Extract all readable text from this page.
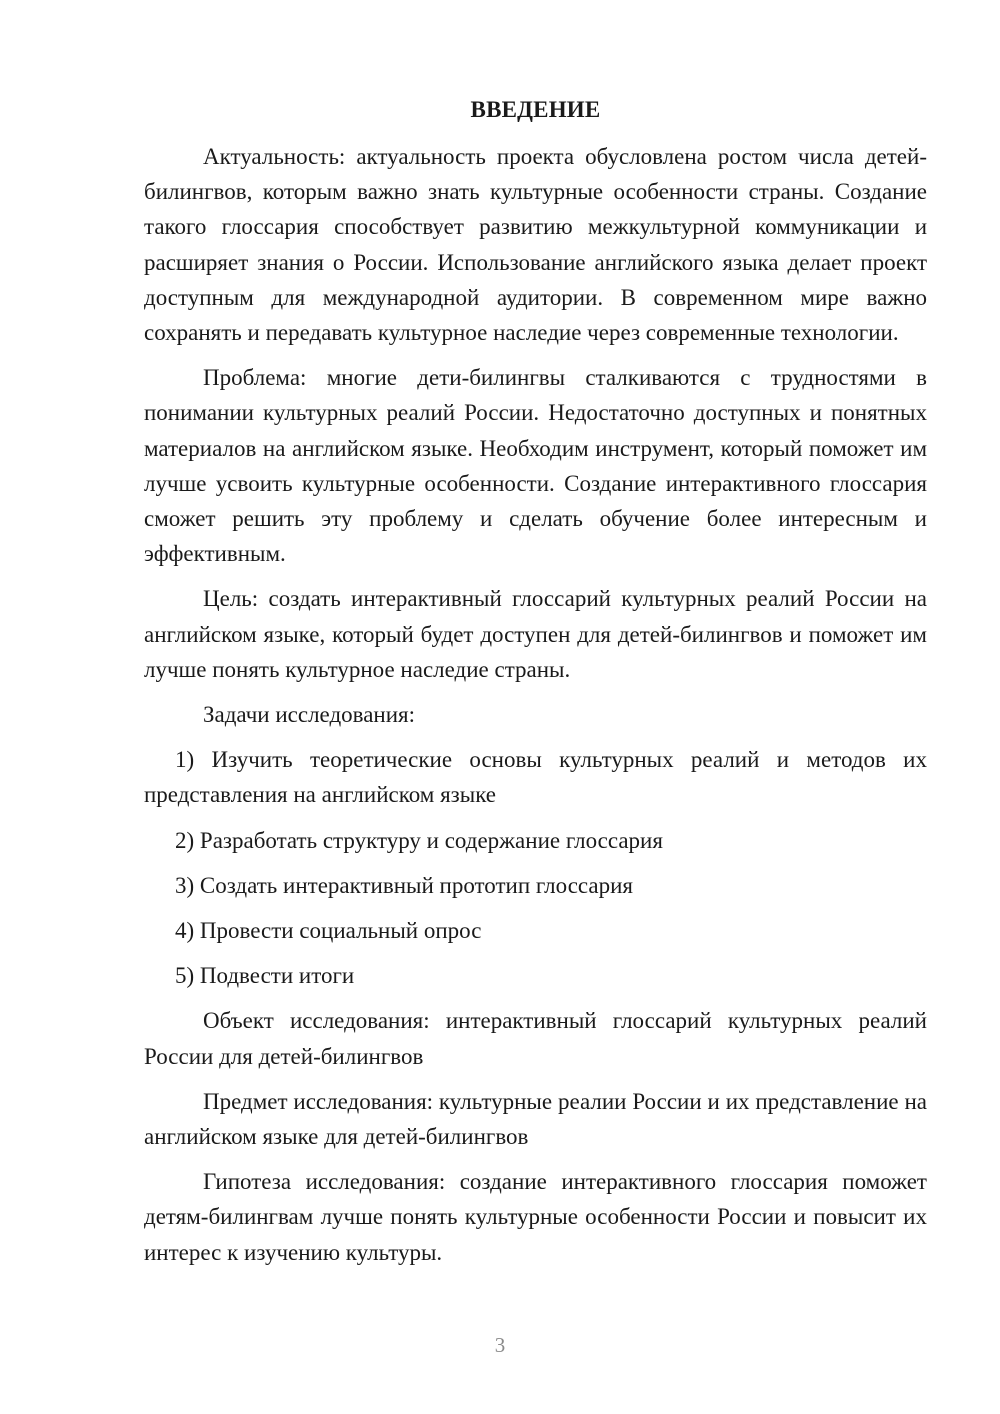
ВВЕДЕНИЕ

Актуальность: актуальность проекта обусловлена ростом числа детей-билингвов, которым важно знать культурные особенности страны. Создание такого глоссария способствует развитию межкультурной коммуникации и расширяет знания о России. Использование английского языка делает проект доступным для международной аудитории. В современном мире важно сохранять и передавать культурное наследие через современные технологии.

Проблема: многие дети-билингвы сталкиваются с трудностями в понимании культурных реалий России. Недостаточно доступных и понятных материалов на английском языке. Необходим инструмент, который поможет им лучше усвоить культурные особенности. Создание интерактивного глоссария сможет решить эту проблему и сделать обучение более интересным и эффективным.

Цель: создать интерактивный глоссарий культурных реалий России на английском языке, который будет доступен для детей-билингвов и поможет им лучше понять культурное наследие страны.

Задачи исследования:

1) Изучить теоретические основы культурных реалий и методов их представления на английском языке
2) Разработать структуру и содержание глоссария
3) Создать интерактивный прототип глоссария
4) Провести социальный опрос
5) Подвести итоги

Объект исследования: интерактивный глоссарий культурных реалий России для детей-билингвов

Предмет исследования: культурные реалии России и их представление на английском языке для детей-билингвов

Гипотеза исследования: создание интерактивного глоссария поможет детям-билингвам лучше понять культурные особенности России и повысит их интерес к изучению культуры.

3
